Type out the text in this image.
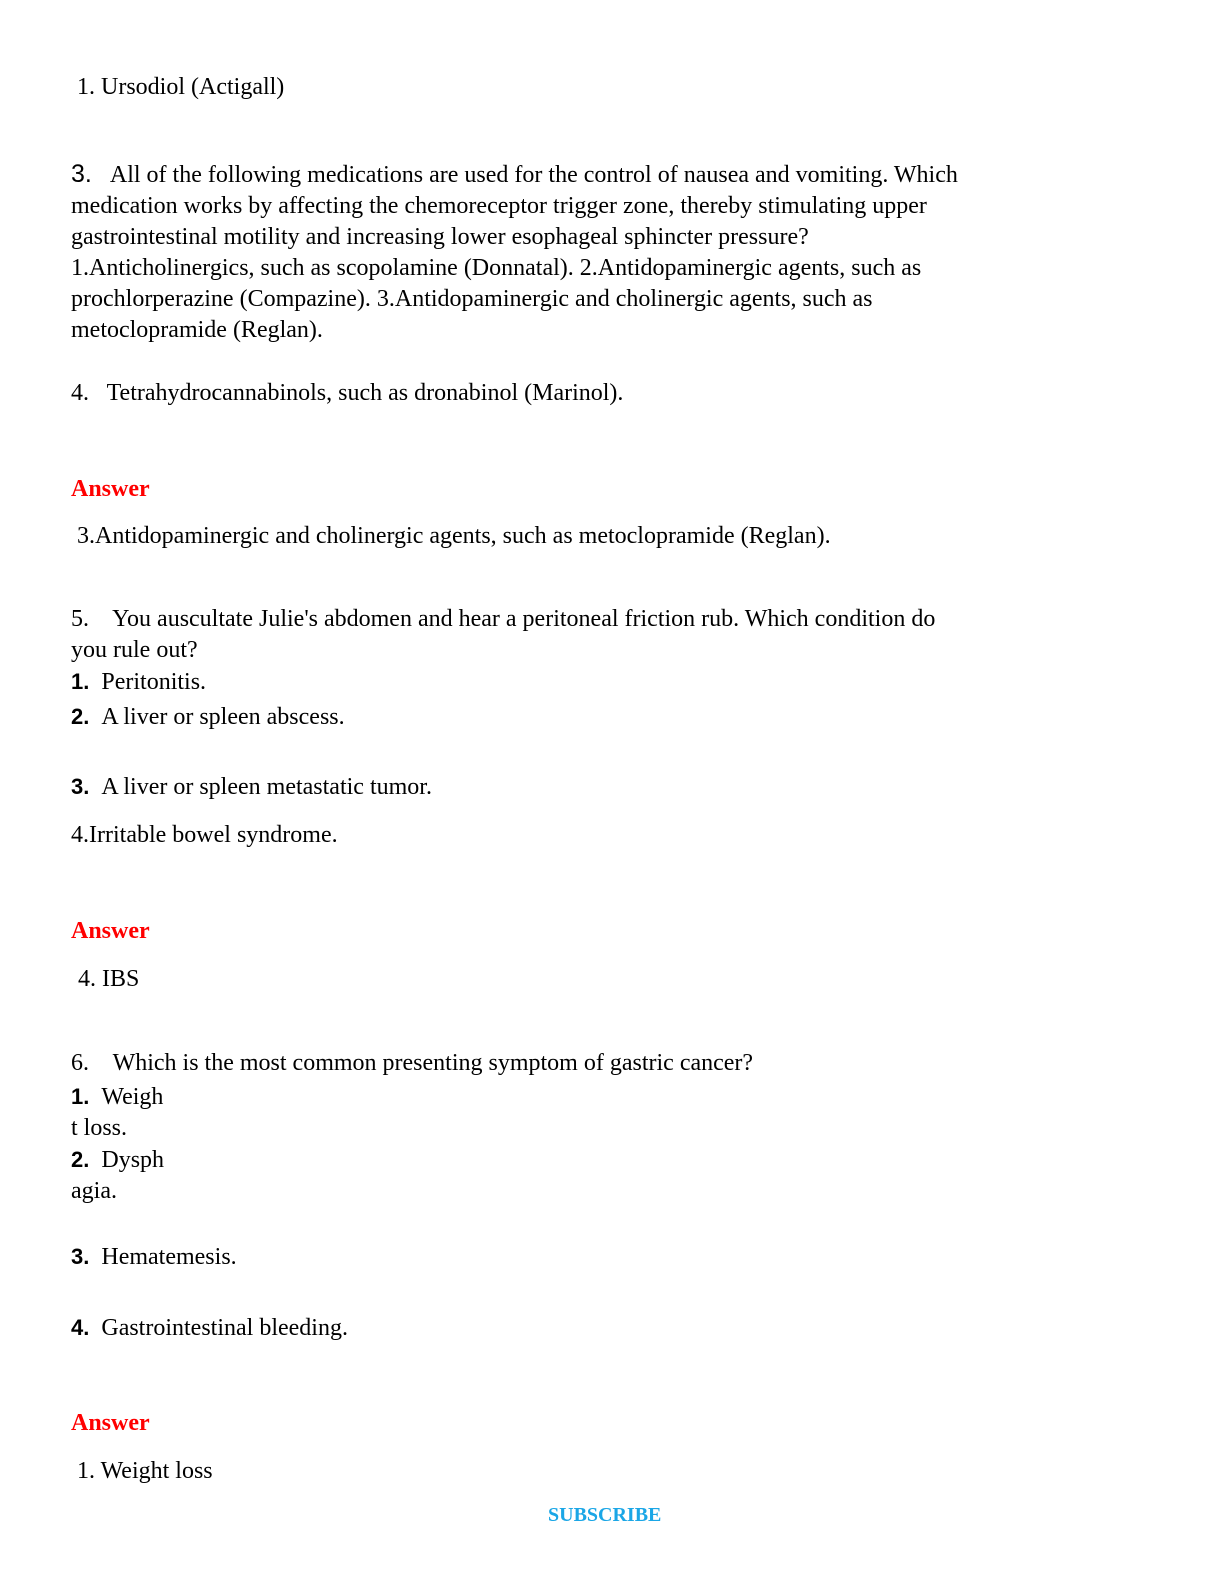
1. Ursodiol (Actigall)

3. All of the following medications are used for the control of nausea and vomiting. Which

medication works by affecting the chemoreceptor trigger zone, thereby stimulating upper

gastrointestinal motility and increasing lower esophageal sphincter pressure?

1.Anticholinergics, such as scopolamine (Donnatal). 2.Antidopaminergic agents, such as

prochlorperazine (Compazine). 3.Antidopaminergic and cholinergic agents, such as

metoclopramide (Reglan).

4.   Tetrahydrocannabinols, such as dronabinol (Marinol).
Answer
3.Antidopaminergic and cholinergic agents, such as metoclopramide (Reglan).
5.    You auscultate Julie's abdomen and hear a peritoneal friction rub. Which condition do
you rule out?
1. Peritonitis.
2. A liver or spleen abscess.
3. A liver or spleen metastatic tumor.
4.Irritable bowel syndrome.
Answer
4. IBS
6.    Which is the most common presenting symptom of gastric cancer?
1. Weigh
t loss.
2. Dysph
agia.
3. Hematemesis.
4. Gastrointestinal bleeding.
Answer
1. Weight loss
SUBSCRIBE
